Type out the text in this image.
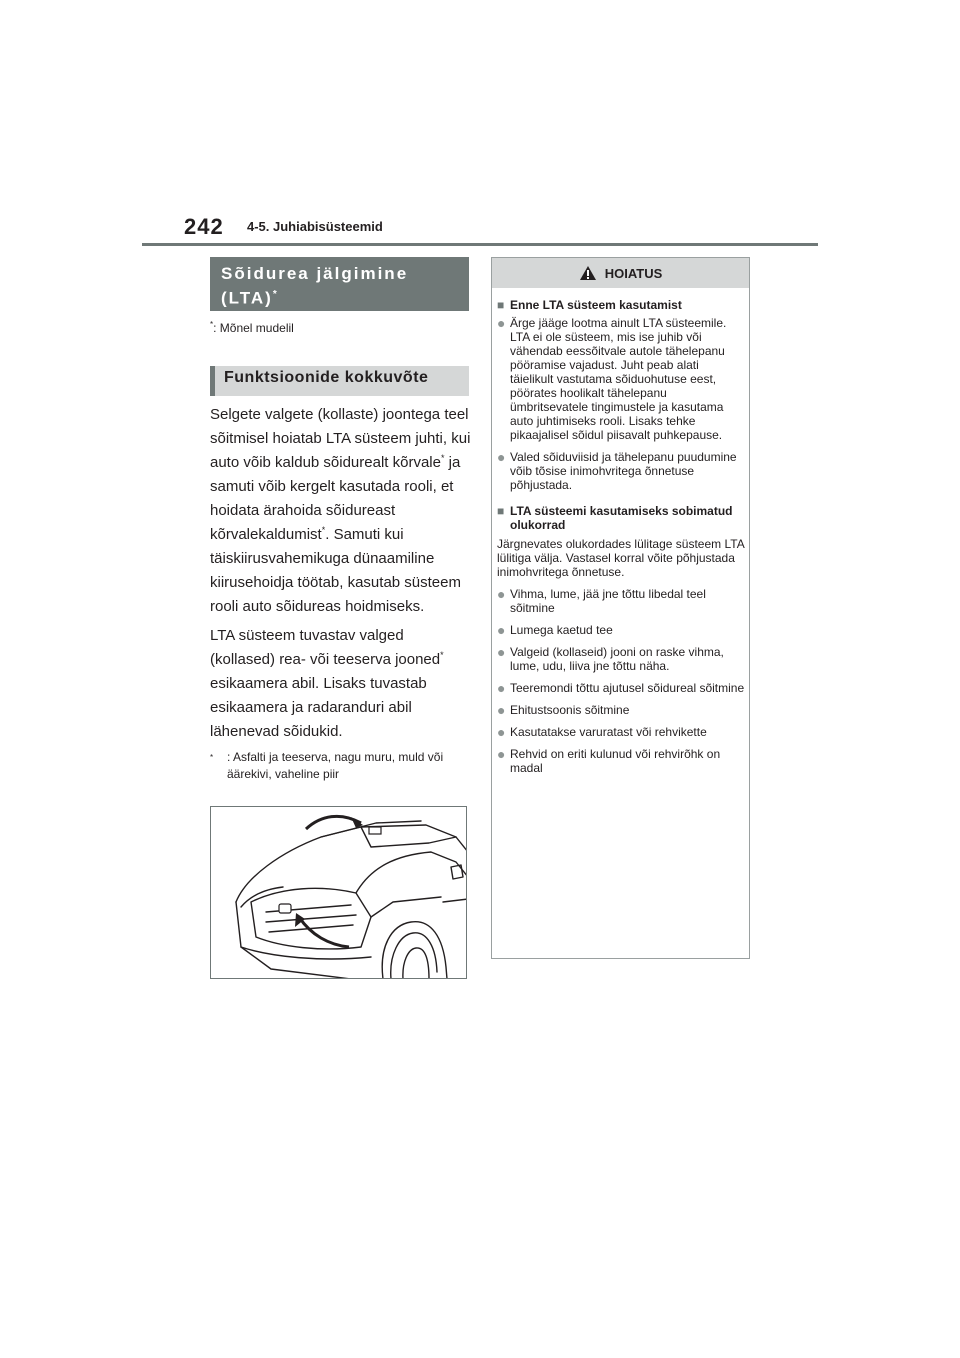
242 4-5. Juhiabisüsteemid
Sõidurea jälgimine
(LTA)*
*: Mõnel mudelil
Funktsioonide kokkuvõte

Selgete valgete (kollaste) joontega teel sõitmisel hoiatab LTA süsteem juhti, kui auto võib kaldub sõidurealt kõrvale* ja samuti võib kergelt kasutada rooli, et hoidata ärahoida sõidureast kõrvalekaldumist*. Samuti kui täiskiirusvahemikuga dünaamiline kiirusehoidja töötab, kasutab süsteem rooli auto sõidureas hoidmiseks.

LTA süsteem tuvastav valged (kollased) rea- või teeserva jooned* esikaamera abil. Lisaks tuvastab esikaamera ja radaranduri abil lähenevad sõidukid.

* : Asfalti ja teeserva, nagu muru, muld või äärekivi, vaheline piir
HOIATUS
■ Enne LTA süsteem kasutamist
● Ärge jääge lootma ainult LTA süsteemile. LTA ei ole süsteem, mis ise juhib või vähendab eessõitvale autole tähelepanu pööramise vajadust. Juht peab alati täielikult vastutama sõiduohutuse eest, pöörates hoolikalt tähelepanu ümbritsevatele tingimustele ja kasutama auto juhtimiseks rooli. Lisaks tehke pikaajalisel sõidul piisavalt puhkepause.
● Valed sõiduviisid ja tähelepanu puudumine võib tõsise inimohvritega õnnetuse põhjustada.
■ LTA süsteemi kasutamiseks sobimatud olukorrad
Järgnevates olukordades lülitage süsteem LTA lülitiga välja. Vastasel korral võite põhjustada inimohvritega õnnetuse.
● Vihma, lume, jää jne tõttu libedal teel sõitmine
● Lumega kaetud tee
● Valgeid (kollaseid) jooni on raske vihma, lume, udu, liiva jne tõttu näha.
● Teeremondi tõttu ajutusel sõidureal sõitmine
● Ehitustsoonis sõitmine
● Kasutatakse varuratast või rehvikette
● Rehvid on eriti kulunud või rehvirõhk on madal
